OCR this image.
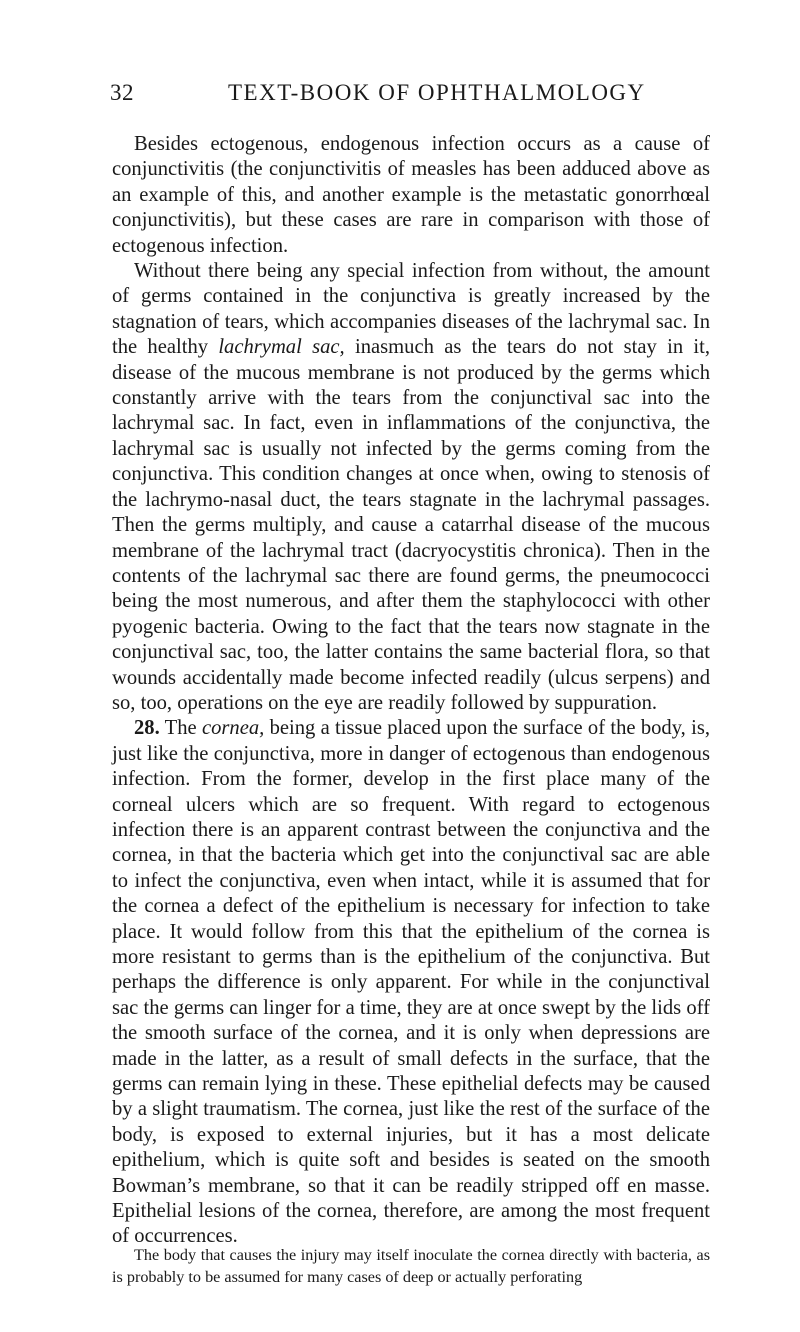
32	TEXT-BOOK OF OPHTHALMOLOGY

Besides ectogenous, endogenous infection occurs as a cause of conjunctivitis (the conjunctivitis of measles has been adduced above as an example of this, and another example is the metastatic gonorrhœal conjunctivitis), but these cases are rare in comparison with those of ectogenous infection.

Without there being any special infection from without, the amount of germs contained in the conjunctiva is greatly increased by the stagnation of tears, which accompanies diseases of the lachrymal sac. In the healthy lachrymal sac, inasmuch as the tears do not stay in it, disease of the mucous membrane is not produced by the germs which constantly arrive with the tears from the conjunctival sac into the lachrymal sac. In fact, even in inflammations of the conjunctiva, the lachrymal sac is usually not infected by the germs coming from the conjunctiva. This condition changes at once when, owing to stenosis of the lachrymo-nasal duct, the tears stagnate in the lachrymal passages. Then the germs multiply, and cause a catarrhal disease of the mucous membrane of the lachrymal tract (dacryocystitis chronica). Then in the contents of the lachrymal sac there are found germs, the pneumococci being the most numerous, and after them the staphylococci with other pyogenic bacteria. Owing to the fact that the tears now stagnate in the conjunctival sac, too, the latter contains the same bacterial flora, so that wounds accidentally made become infected readily (ulcus serpens) and so, too, operations on the eye are readily followed by suppuration.

28. The cornea, being a tissue placed upon the surface of the body, is, just like the conjunctiva, more in danger of ectogenous than endogenous infection. From the former, develop in the first place many of the corneal ulcers which are so frequent. With regard to ectogenous infection there is an apparent contrast between the conjunctiva and the cornea, in that the bacteria which get into the conjunctival sac are able to infect the conjunctiva, even when intact, while it is assumed that for the cornea a defect of the epithelium is necessary for infection to take place. It would follow from this that the epithelium of the cornea is more resistant to germs than is the epithelium of the conjunctiva. But perhaps the difference is only apparent. For while in the conjunctival sac the germs can linger for a time, they are at once swept by the lids off the smooth surface of the cornea, and it is only when depressions are made in the latter, as a result of small defects in the surface, that the germs can remain lying in these. These epithelial defects may be caused by a slight traumatism. The cornea, just like the rest of the surface of the body, is exposed to external injuries, but it has a most delicate epithelium, which is quite soft and besides is seated on the smooth Bowman’s membrane, so that it can be readily stripped off en masse. Epithelial lesions of the cornea, therefore, are among the most frequent of occurrences.

The body that causes the injury may itself inoculate the cornea directly with bacteria, as is probably to be assumed for many cases of deep or actually perforating
